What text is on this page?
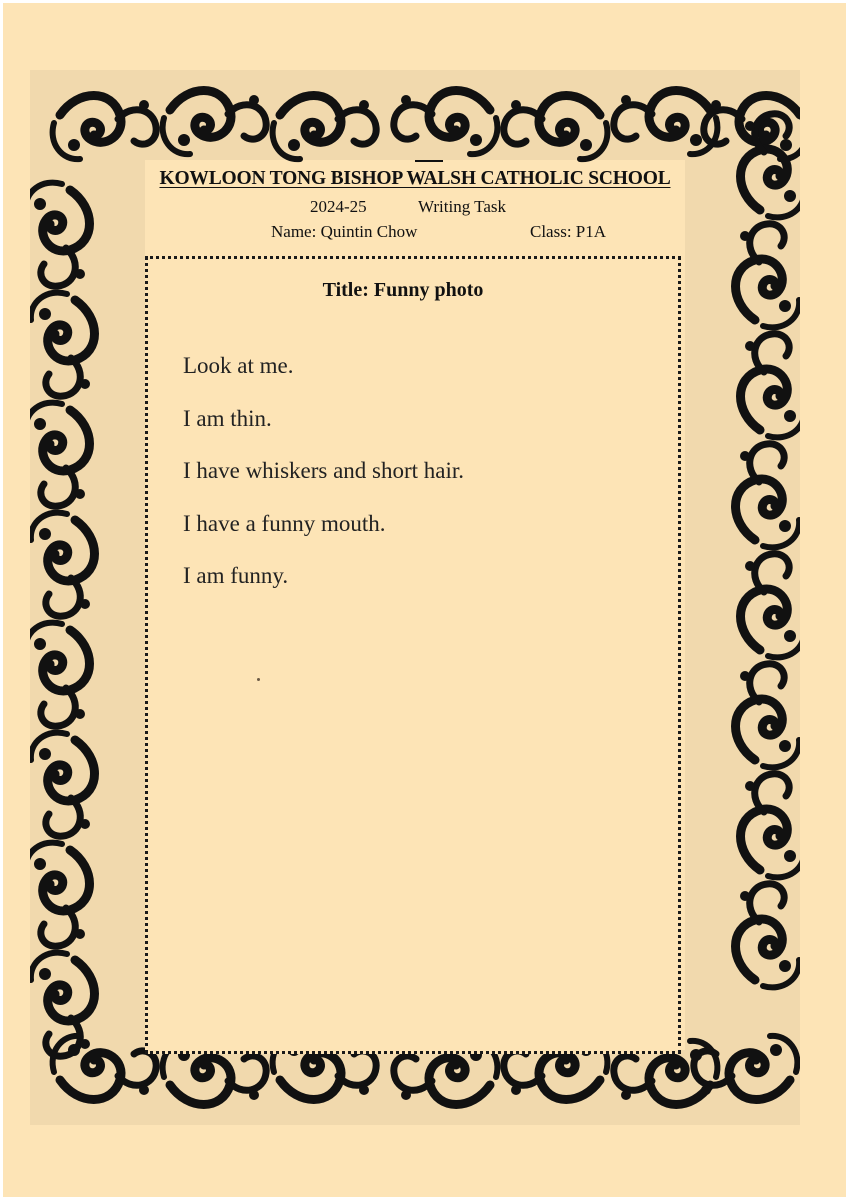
KOWLOON TONG BISHOP WALSH CATHOLIC SCHOOL
2024-25	Writing Task
Name: Quintin Chow	Class: P1A
Title: Funny photo
Look at me.
I am thin.
I have whiskers and short hair.
I have a funny mouth.
I am funny.
